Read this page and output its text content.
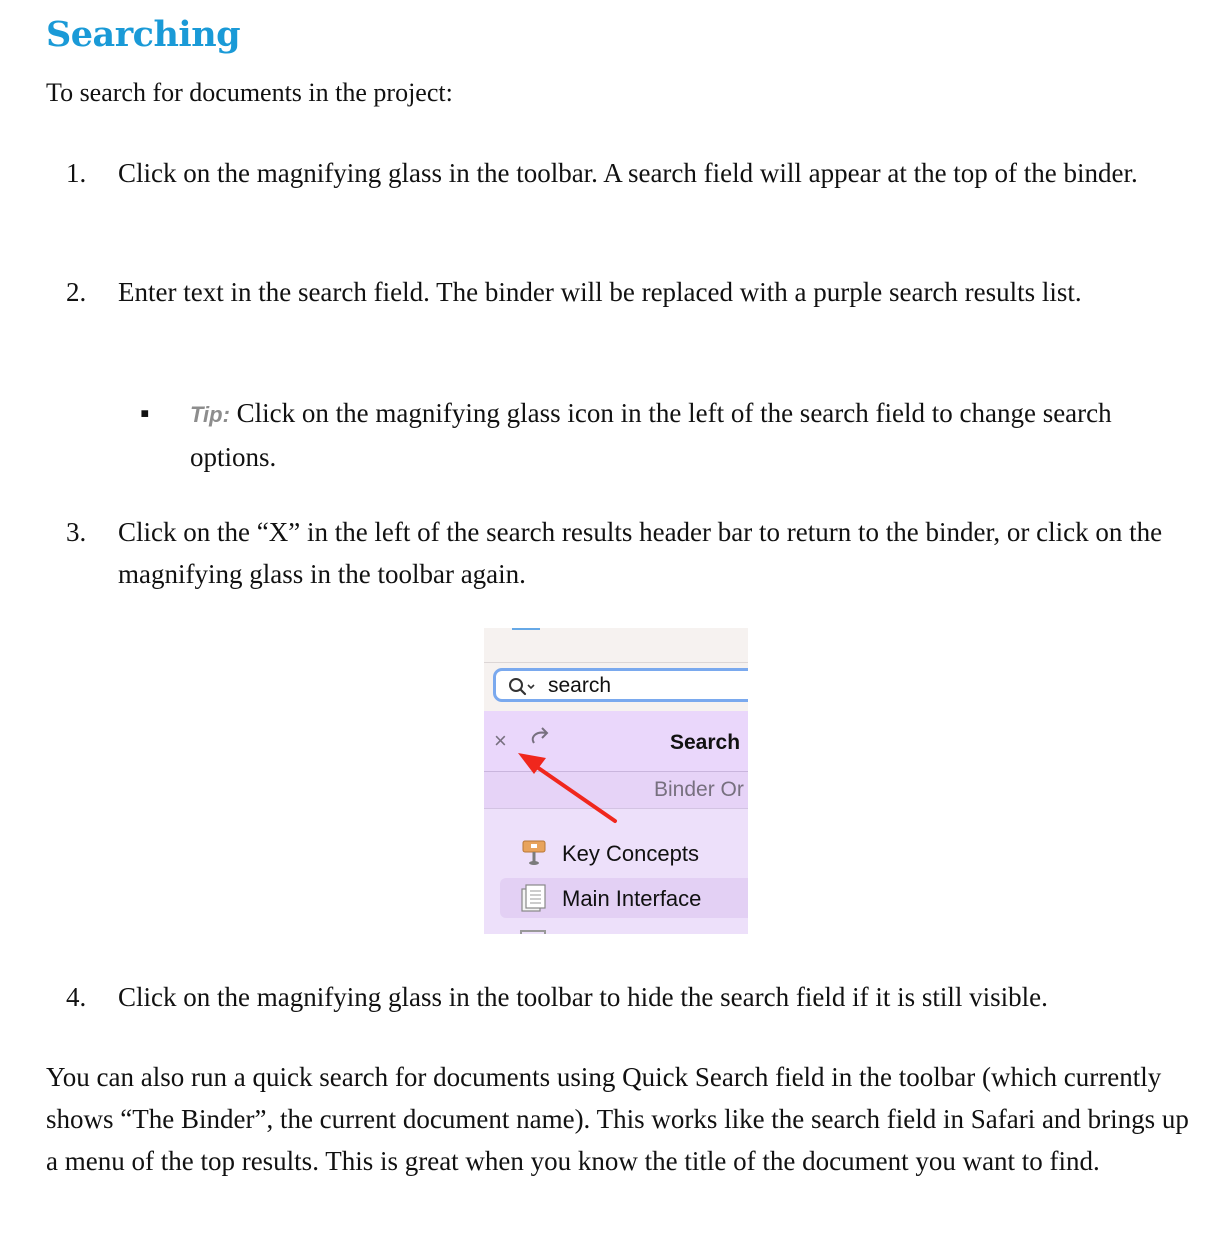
Searching

To search for documents in the project:

1.	Click on the magnifying glass in the toolbar. A search field will appear at the top of the binder.
2.	Enter text in the search field. The binder will be replaced with a purple search results list.
▪ Tip: Click on the magnifying glass icon in the left of the search field to change search options.
3.	Click on the “X” in the left of the search results header bar to return to the binder, or click on the magnifying glass in the toolbar again.
search
×	Search
Binder Or
Key Concepts
Main Interface
4.	Click on the magnifying glass in the toolbar to hide the search field if it is still visible.

You can also run a quick search for documents using Quick Search field in the toolbar (which currently shows “The Binder”, the current document name). This works like the search field in Safari and brings up a menu of the top results. This is great when you know the title of the document you want to find.
